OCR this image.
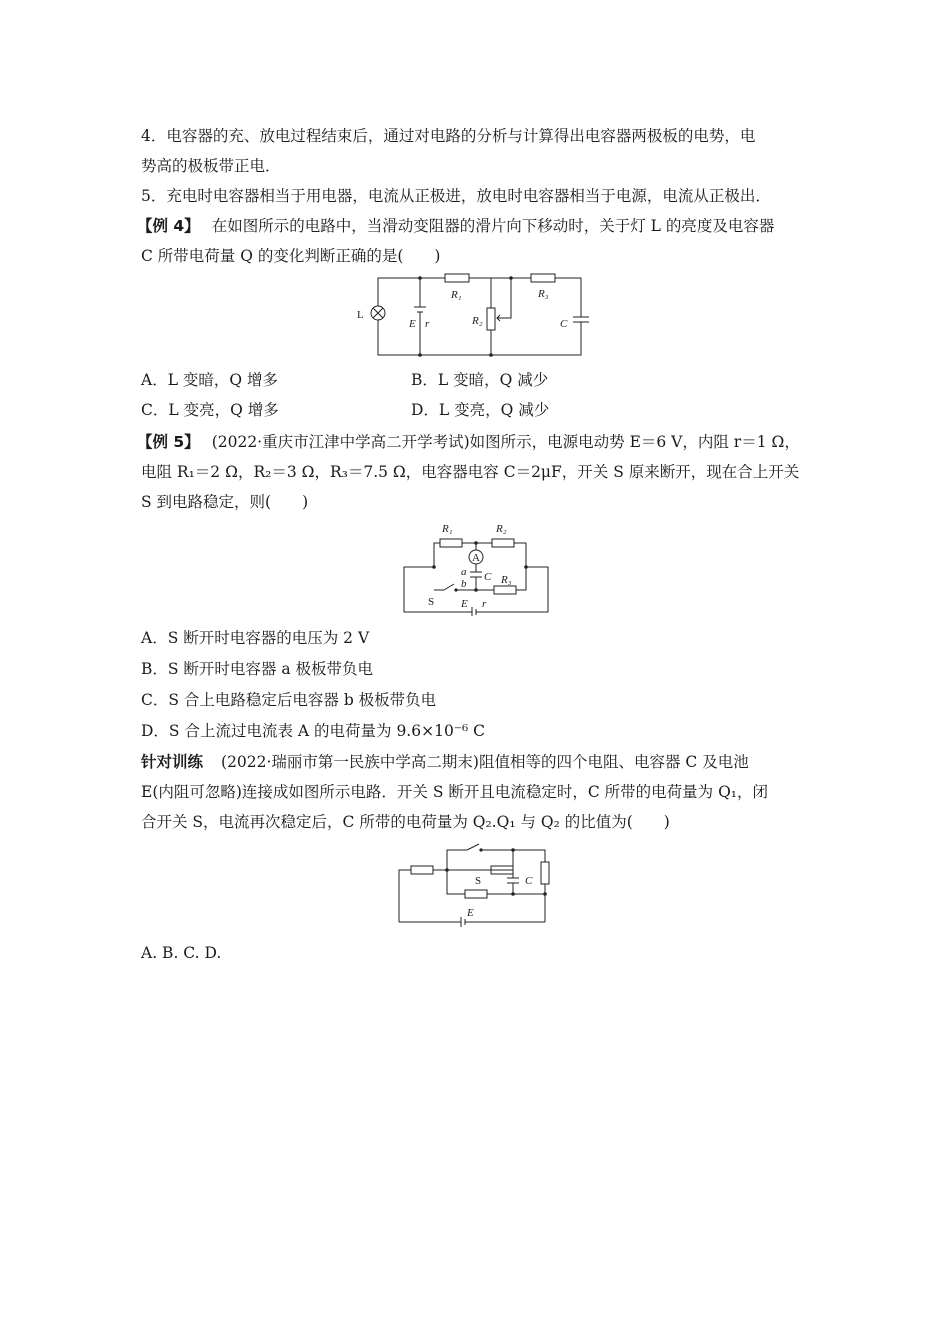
4．电容器的充、放电过程结束后，通过对电路的分析与计算得出电容器两极板的电势，电
势高的极板带正电．
5．充电时电容器相当于用电器，电流从正极进，放电时电容器相当于电源，电流从正极出．
【例 4】 在如图所示的电路中，当滑动变阻器的滑片向下移动时，关于灯 L 的亮度及电容器
C 所带电荷量 Q 的变化判断正确的是(　　)
L
E r
R₁
R₂
R₃
C
A．L 变暗，Q 增多	B．L 变暗，Q 减少
C．L 变亮，Q 增多	D．L 变亮，Q 减少
【例 5】 (2022·重庆市江津中学高二开学考试)如图所示，电源电动势 E＝6 V，内阻 r＝1 Ω，
电阻 R₁＝2 Ω，R₂＝3 Ω，R₃＝7.5 Ω，电容器电容 C＝2μF，开关 S 原来断开，现在合上开关
S 到电路稳定，则(　　)
R₁	R₂
A
a
b
C R₃
S E r
A．S 断开时电容器的电压为 2 V
B．S 断开时电容器 a 极板带负电
C．S 合上电路稳定后电容器 b 极板带负电
D．S 合上流过电流表 A 的电荷量为 9.6×10⁻⁶ C
针对训练 (2022·瑞丽市第一民族中学高二期末)阻值相等的四个电阻、电容器 C 及电池
E(内阻可忽略)连接成如图所示电路．开关 S 断开且电流稳定时，C 所带的电荷量为 Q₁，闭
合开关 S，电流再次稳定后，C 所带的电荷量为 Q₂.Q₁ 与 Q₂ 的比值为(　　)
S	C
E
A. B. C. D.
